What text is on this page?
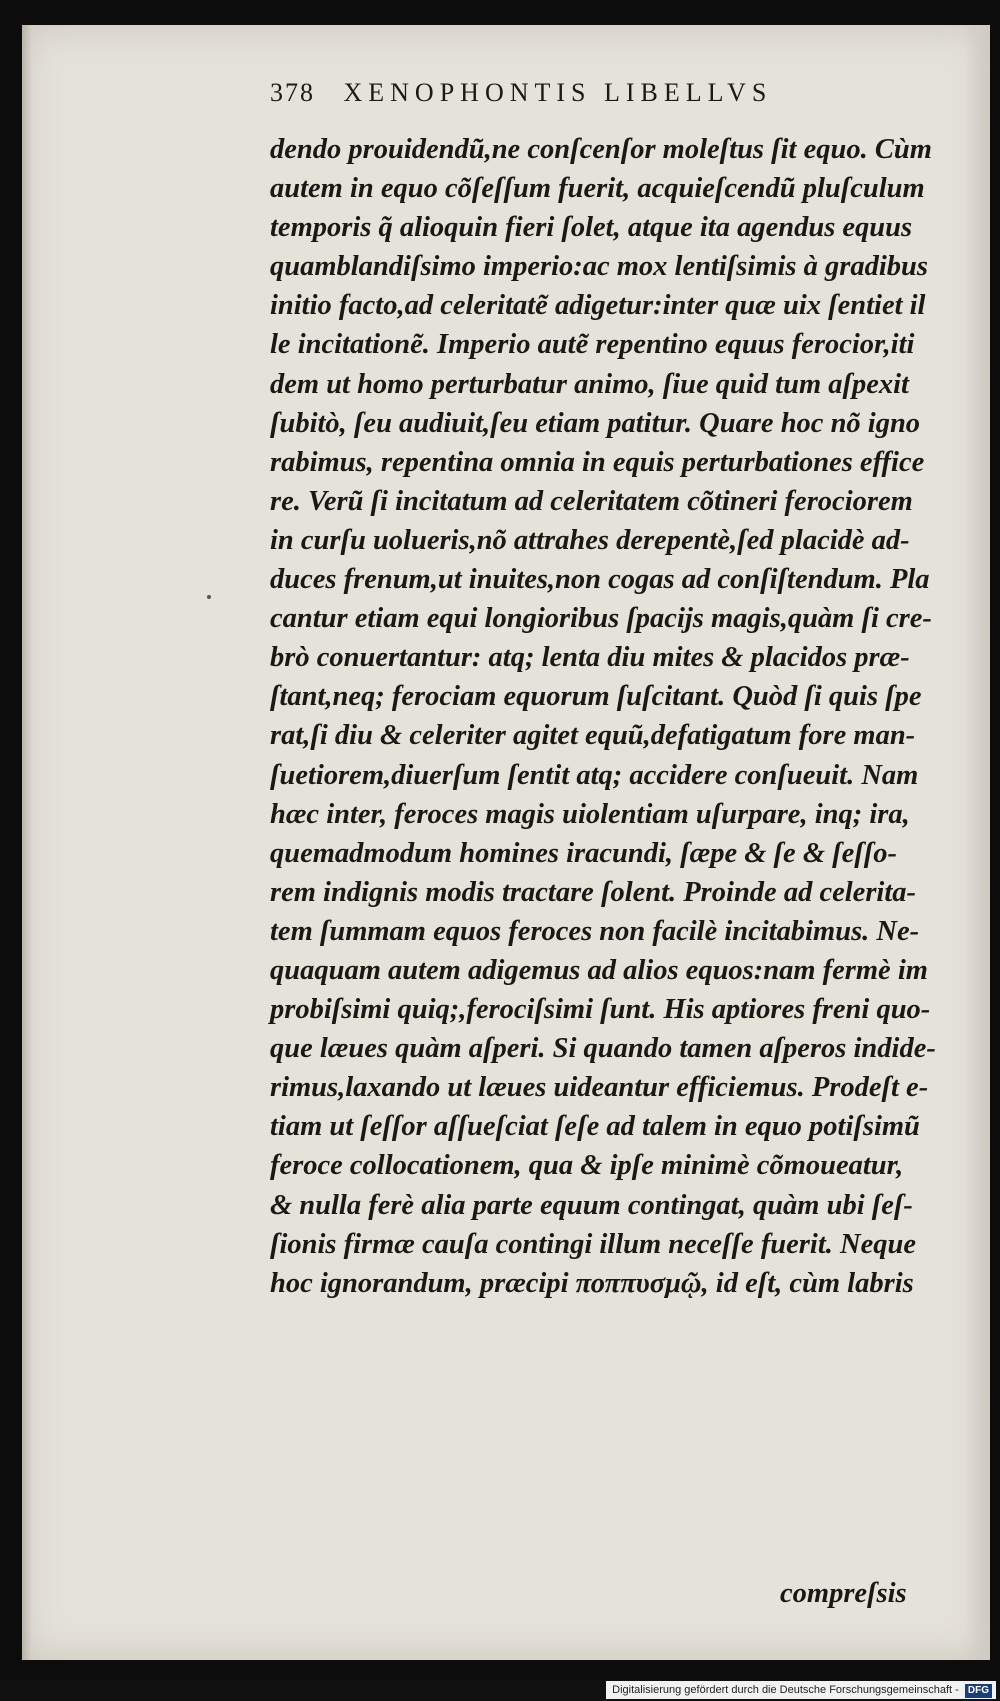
378 XENOPHONTIS LIBELLVS
dendo prouidendũ,ne conſcenſor moleſtus ſit equo. Cùm
autem in equo cõſeſſum fuerit, acquieſcendũ pluſculum
temporis q̃ alioquin fieri ſolet, atque ita agendus equus
quamblandiſsimo imperio:ac mox lentiſsimis à gradibus
initio facto,ad celeritatẽ adigetur:inter quæ uix ſentiet il
le incitationẽ. Imperio autẽ repentino equus ferocior,iti
dem ut homo perturbatur animo, ſiue quid tum aſpexit
ſubitò, ſeu audiuit,ſeu etiam patitur. Quare hoc nõ igno
rabimus, repentina omnia in equis perturbationes effice
re. Verũ ſi incitatum ad celeritatem cõtineri ferociorem
in curſu uolueris,nõ attrahes derepentè,ſed placidè ad-
duces frenum,ut inuites,non cogas ad conſiſtendum. Pla
cantur etiam equi longioribus ſpacijs magis,quàm ſi cre-
brò conuertantur: atq; lenta diu mites & placidos præ-
ſtant,neq; ferociam equorum ſuſcitant. Quòd ſi quis ſpe
rat,ſi diu & celeriter agitet equũ,defatigatum fore man-
ſuetiorem,diuerſum ſentit atq; accidere conſueuit. Nam
hæc inter, feroces magis uiolentiam uſurpare, inq; ira,
quemadmodum homines iracundi, ſæpe & ſe & ſeſſo-
rem indignis modis tractare ſolent. Proinde ad celerita-
tem ſummam equos feroces non facilè incitabimus. Ne-
quaquam autem adigemus ad alios equos:nam fermè im
probiſsimi quiq;,ferociſsimi ſunt. His aptiores freni quo-
que læues quàm aſperi. Si quando tamen aſperos indide-
rimus,laxando ut læues uideantur efficiemus. Prodeſt e-
tiam ut ſeſſor aſſueſciat ſeſe ad talem in equo potiſsimũ
feroce collocationem, qua & ipſe minimè cõmoueatur,
& nulla ferè alia parte equum contingat, quàm ubi ſeſ-
ſionis firmæ cauſa contingi illum neceſſe fuerit. Neque
hoc ignorandum, præcipi ποππυσμῷ, id eſt, cùm labris
compreſsis
Digitalisierung gefördert durch die Deutsche Forschungsgemeinschaft - DFG
